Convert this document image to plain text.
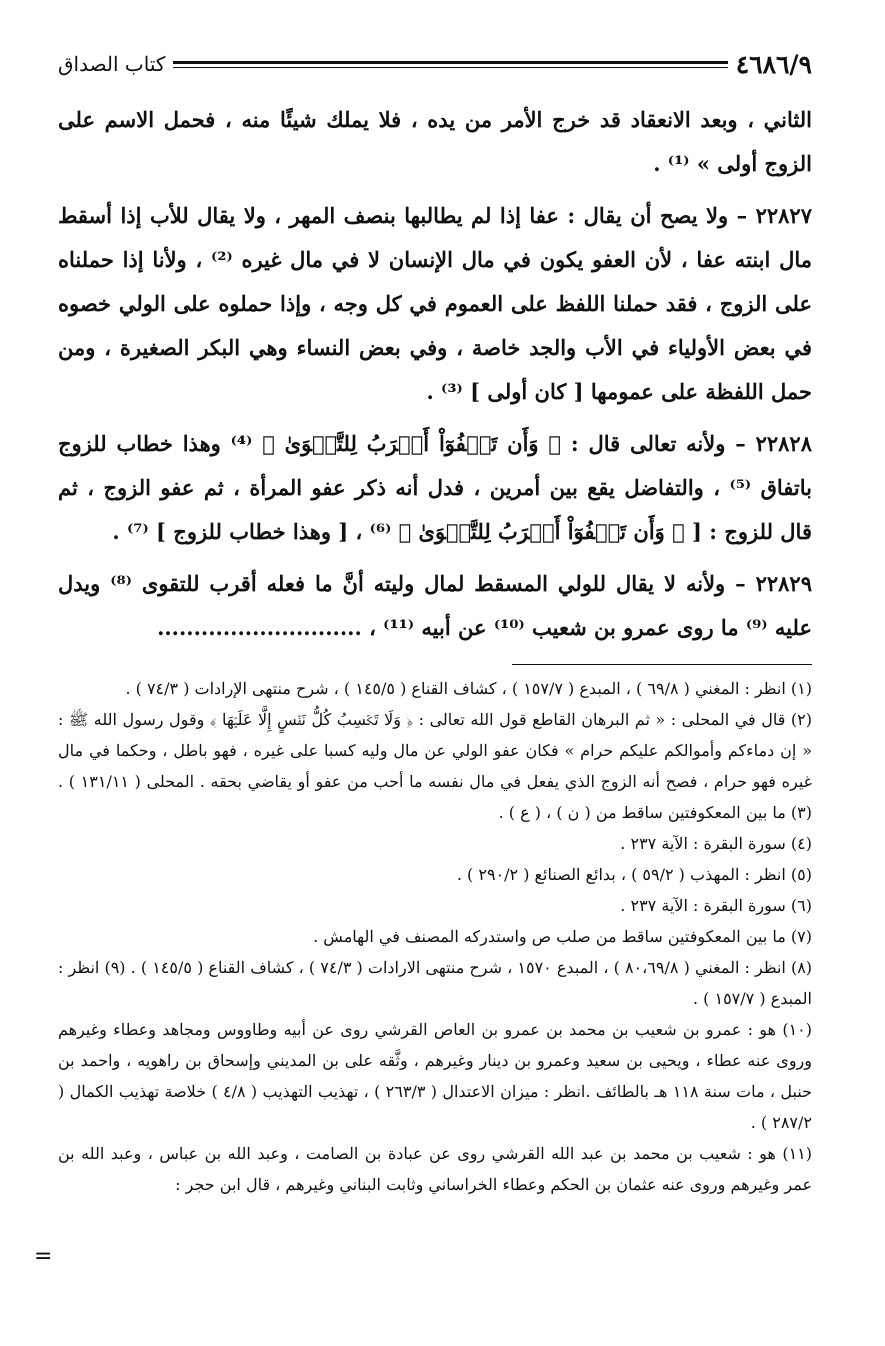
٤٦٨٦/٩
كتاب الصداق

الثاني ، وبعد الانعقاد قد خرج الأمر من يده ، فلا يملك شيئًا منه ، فحمل الاسم على الزوج أولى » ⁽¹⁾ .

٢٢٨٢٧ – ولا يصح أن يقال : عفا إذا لم يطالبها بنصف المهر ، ولا يقال للأب إذا أسقط مال ابنته عفا ، لأن العفو يكون في مال الإنسان لا في مال غيره ⁽²⁾ ، ولأنا إذا حملناه على الزوج ، فقد حملنا اللفظ على العموم في كل وجه ، وإذا حملوه على الولي خصوه في بعض الأولياء في الأب والجد خاصة ، وفي بعض النساء وهي البكر الصغيرة ، ومن حمل اللفظة على عمومها [ كان أولى ] ⁽³⁾ .

٢٢٨٢٨ – ولأنه تعالى قال : ﴿ وَأَن تَعۡفُوٓاْ أَقۡرَبُ لِلتَّقۡوَىٰ ﴾ ⁽⁴⁾ وهذا خطاب للزوج باتفاق ⁽⁵⁾ ، والتفاضل يقع بين أمرين ، فدل أنه ذكر عفو المرأة ، ثم عفو الزوج ، ثم قال للزوج : [ ﴿ وَأَن تَعۡفُوٓاْ أَقۡرَبُ لِلتَّقۡوَىٰ ﴾ ⁽⁶⁾ ، [ وهذا خطاب للزوج ] ⁽⁷⁾ .

٢٢٨٢٩ – ولأنه لا يقال للولي المسقط لمال وليته أنَّ ما فعله أقرب للتقوى ⁽⁸⁾ ويدل عليه ⁽⁹⁾ ما روى عمرو بن شعيب ⁽¹⁰⁾ عن أبيه ⁽¹¹⁾ ، ............................

(١) انظر : المغني ( ٦٩/٨ ) ، المبدع ( ١٥٧/٧ ) ، كشاف القناع ( ١٤٥/٥ ) ، شرح منتهى الإرادات ( ٧٤/٣ ) .

(٢) قال في المحلى : « ثم البرهان القاطع قول الله تعالى : ﴿ وَلَا تَكۡسِبُ كُلُّ نَفۡسٍ إِلَّا عَلَيۡهَا ﴾ وقول رسول الله ﷺ : « إن دماءكم وأموالكم عليكم حرام » فكان عفو الولي عن مال وليه كسبا على غيره ، فهو باطل ، وحكما في مال غيره فهو حرام ، فصح أنه الزوج الذي يفعل في مال نفسه ما أحب من عفو أو يقاضي بحقه . المحلى ( ١٣١/١١ ) . (٣) ما بين المعكوفتين ساقط من ( ن ) ، ( ع ) .

(٤) سورة البقرة : الآية ٢٣٧ .

(٥) انظر : المهذب ( ٥٩/٢ ) ، بدائع الصنائع ( ٢٩٠/٢ ) .

(٦) سورة البقرة : الآية ٢٣٧ .

(٧) ما بين المعكوفتين ساقط من صلب ص واستدركه المصنف في الهامش .

(٨) انظر : المغني ( ٨٠،٦٩/٨ ) ، المبدع ١٥٧٠ ، شرح منتهى الارادات ( ٧٤/٣ ) ، كشاف القناع ( ١٤٥/٥ ) . (٩) انظر : المبدع ( ١٥٧/٧ ) .

(١٠) هو : عمرو بن شعيب بن محمد بن عمرو بن العاص القرشي روى عن أبيه وطاووس ومجاهد وعطاء وغيرهم وروى عنه عطاء ، ويحيى بن سعيد وعمرو بن دينار وغيرهم ، وثَّقه على بن المديني وإسحاق بن راهويه ، واحمد بن حنبل ، مات سنة ١١٨ هـ بالطائف .انظر : ميزان الاعتدال ( ٢٦٣/٣ ) ، تهذيب التهذيب ( ٤/٨ ) خلاصة تهذيب الكمال ( ٢٨٧/٢ ) .

(١١) هو : شعيب بن محمد بن عبد الله القرشي روى عن عبادة بن الصامت ، وعبد الله بن عباس ، وعبد الله بن عمر وغيرهم وروى عنه عثمان بن الحكم وعطاء الخراساني وثابت البناني وغيرهم ، قال ابن حجر :

=
